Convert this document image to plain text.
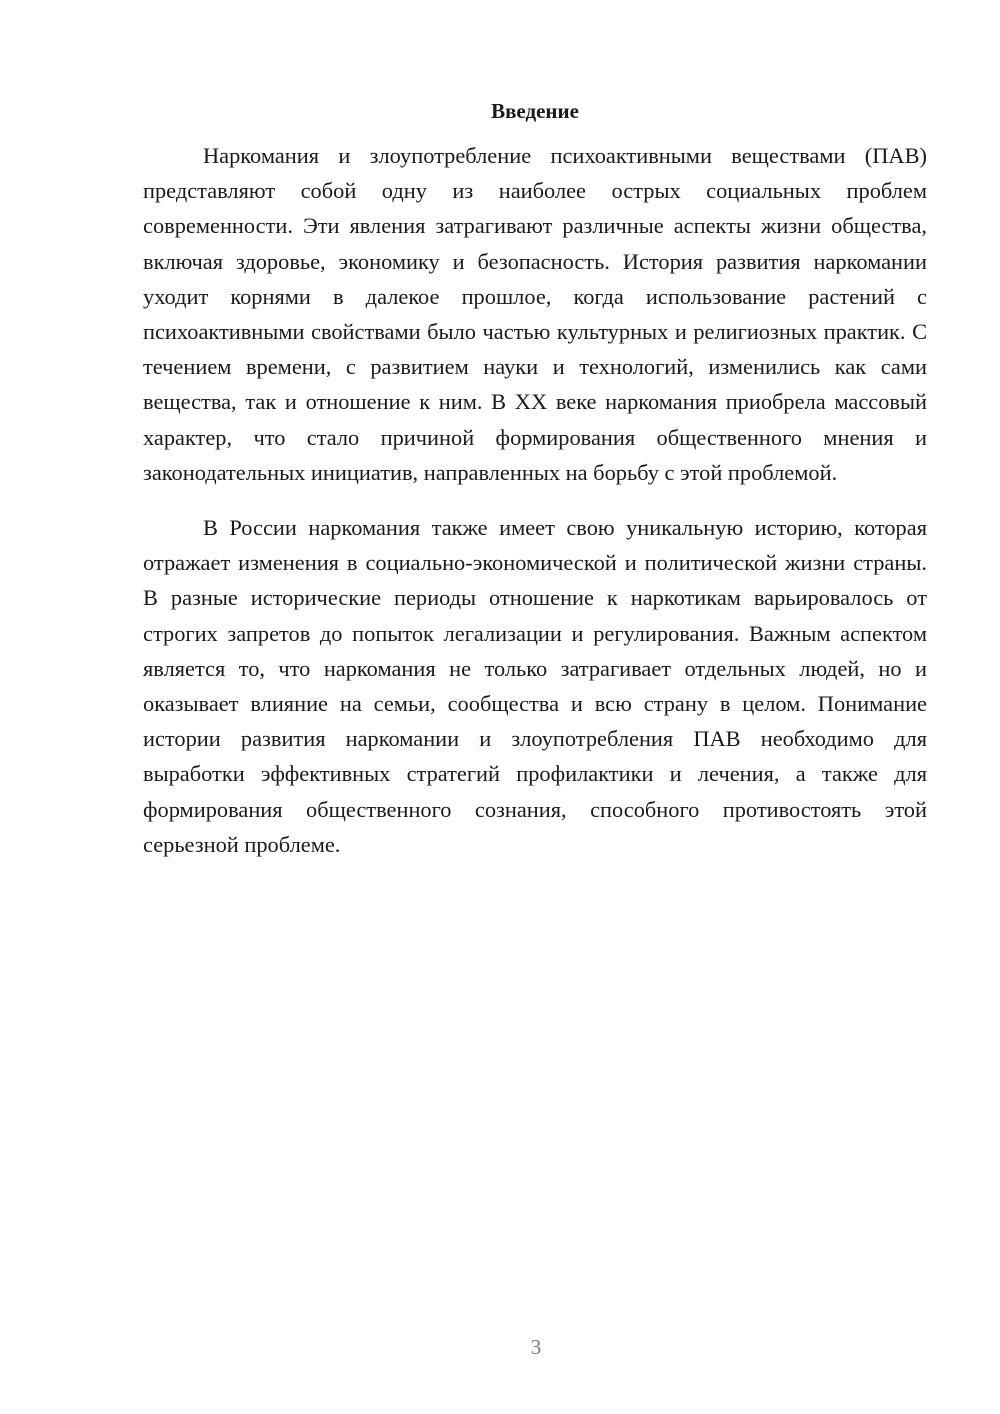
Введение

Наркомания и злоупотребление психоактивными веществами (ПАВ) представляют собой одну из наиболее острых социальных проблем современности. Эти явления затрагивают различные аспекты жизни общества, включая здоровье, экономику и безопасность. История развития наркомании уходит корнями в далекое прошлое, когда использование растений с психоактивными свойствами было частью культурных и религиозных практик. С течением времени, с развитием науки и технологий, изменились как сами вещества, так и отношение к ним. В XX веке наркомания приобрела массовый характер, что стало причиной формирования общественного мнения и законодательных инициатив, направленных на борьбу с этой проблемой.

В России наркомания также имеет свою уникальную историю, которая отражает изменения в социально-экономической и политической жизни страны. В разные исторические периоды отношение к наркотикам варьировалось от строгих запретов до попыток легализации и регулирования. Важным аспектом является то, что наркомания не только затрагивает отдельных людей, но и оказывает влияние на семьи, сообщества и всю страну в целом. Понимание истории развития наркомании и злоупотребления ПАВ необходимо для выработки эффективных стратегий профилактики и лечения, а также для формирования общественного сознания, способного противостоять этой серьезной проблеме.

3
